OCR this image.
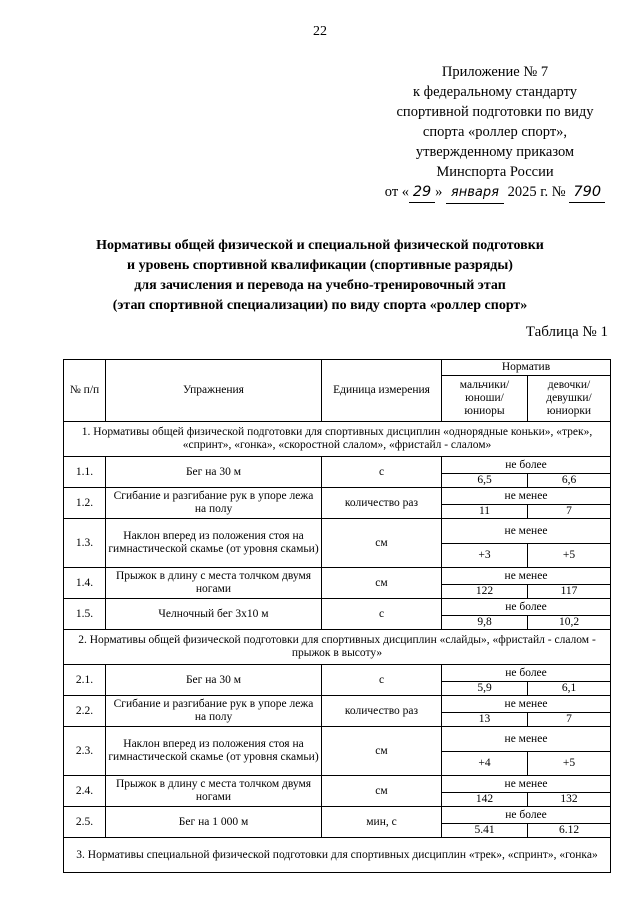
22
Приложение № 7
к федеральному стандарту
спортивной подготовки по виду
спорта «роллер спорт»,
утвержденному приказом
Минспорта России
от « 29 » января 2025 г. № 790
Нормативы общей физической и специальной физической подготовки
и уровень спортивной квалификации (спортивные разряды)
для зачисления и перевода на учебно-тренировочный этап
(этап спортивной специализации) по виду спорта «роллер спорт»
Таблица № 1
№ п/п	Упражнения	Единица измерения	Норматив	
			мальчики/ юноши/ юниоры	девочки/ девушки/ юниорки
1. Нормативы общей физической подготовки для спортивных дисциплин «однорядные коньки», «трек», «спринт», «гонка», «скоростной слалом», «фристайл - слалом»				
1.1.	Бег на 30 м	с	не более	
			6,5	6,6
1.2.	Сгибание и разгибание рук в упоре лежа на полу	количество раз	не менее	
			11	7
1.3.	Наклон вперед из положения стоя на гимнастической скамье (от уровня скамьи)	см	не менее	
			+3	+5
1.4.	Прыжок в длину с места толчком двумя ногами	см	не менее	
			122	117
1.5.	Челночный бег 3х10 м	с	не более	
			9,8	10,2
2. Нормативы общей физической подготовки для спортивных дисциплин «слайды», «фристайл - слалом - прыжок в высоту»				
2.1.	Бег на 30 м	с	не более	
			5,9	6,1
2.2.	Сгибание и разгибание рук в упоре лежа на полу	количество раз	не менее	
			13	7
2.3.	Наклон вперед из положения стоя на гимнастической скамье (от уровня скамьи)	см	не менее	
			+4	+5
2.4.	Прыжок в длину с места толчком двумя ногами	см	не менее	
			142	132
2.5.	Бег на 1 000 м	мин, с	не более	
			5.41	6.12
3. Нормативы специальной физической подготовки для спортивных дисциплин «трек», «спринт», «гонка»				
